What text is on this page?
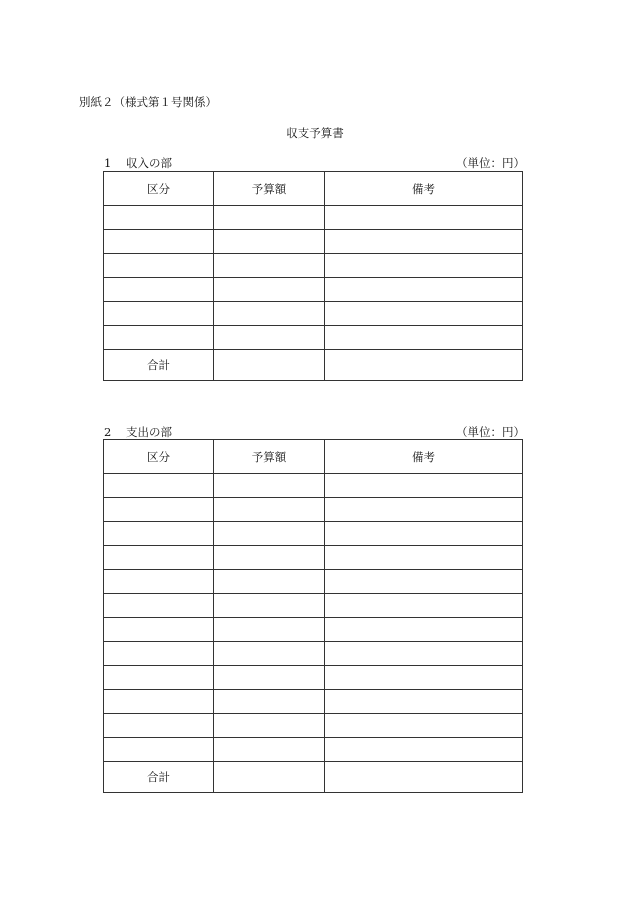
別紙２（様式第１号関係）
収支予算書
1 収入の部	（単位：円）
区分	予算額	備考

合計		
2 支出の部	（単位：円）
区分	予算額	備考

合計		
